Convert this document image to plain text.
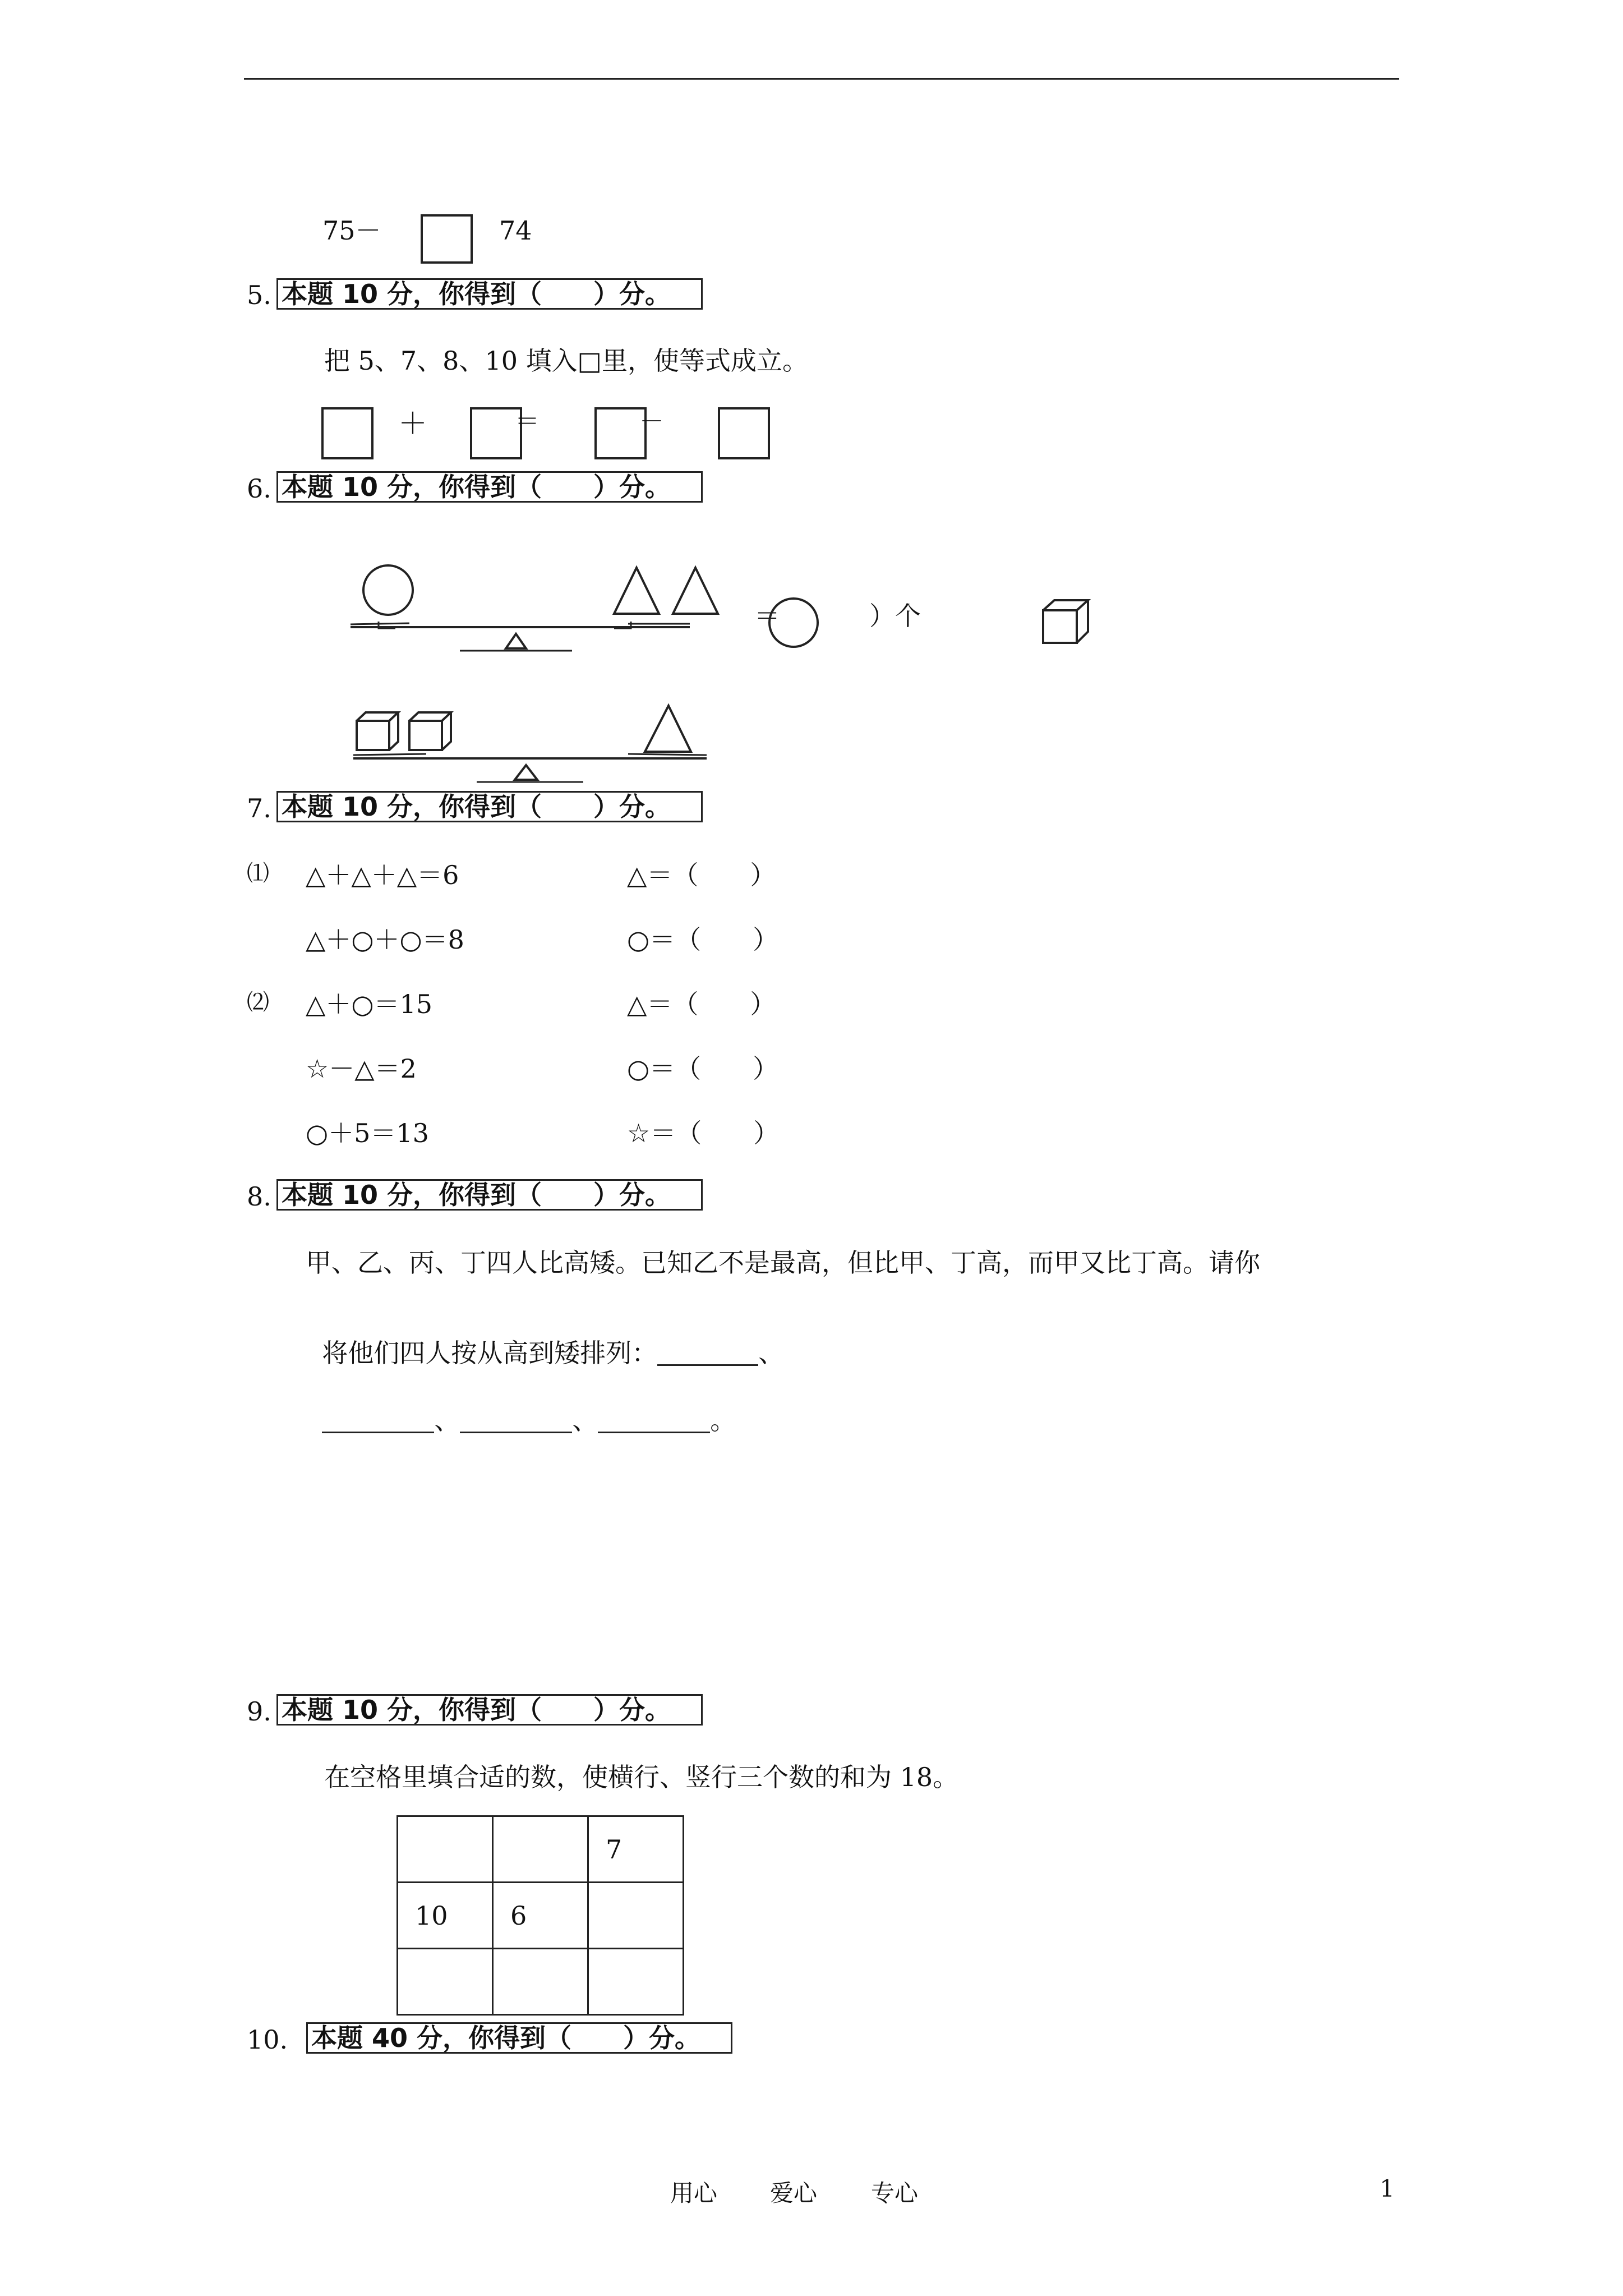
75－	74
5. 本题 10 分，你得到（　　）分。
把 5、7、8、10 填入□里，使等式成立。
＋	＝	－
6. 本题 10 分，你得到（　　）分。
＝	）个
7. 本题 10 分，你得到（　　）分。
⑴ △＋△＋△＝6	△＝（　　）
△＋○＋○＝8	○＝（　　）
⑵ △＋○＝15	△＝（　　）
☆－△＝2	○＝（　　）
○＋5＝13	☆＝（　　）
8. 本题 10 分，你得到（　　）分。
甲、乙、丙、丁四人比高矮。已知乙不是最高，但比甲、丁高，而甲又比丁高。请你

将他们四人按从高到矮排列：	、

、	、	。

9. 本题 10 分，你得到（　　）分。
在空格里填合适的数，使横行、竖行三个数的和为 18。
		7
10	6	

10. 本题 40 分，你得到（　　）分。
用心 爱心 专心	1
